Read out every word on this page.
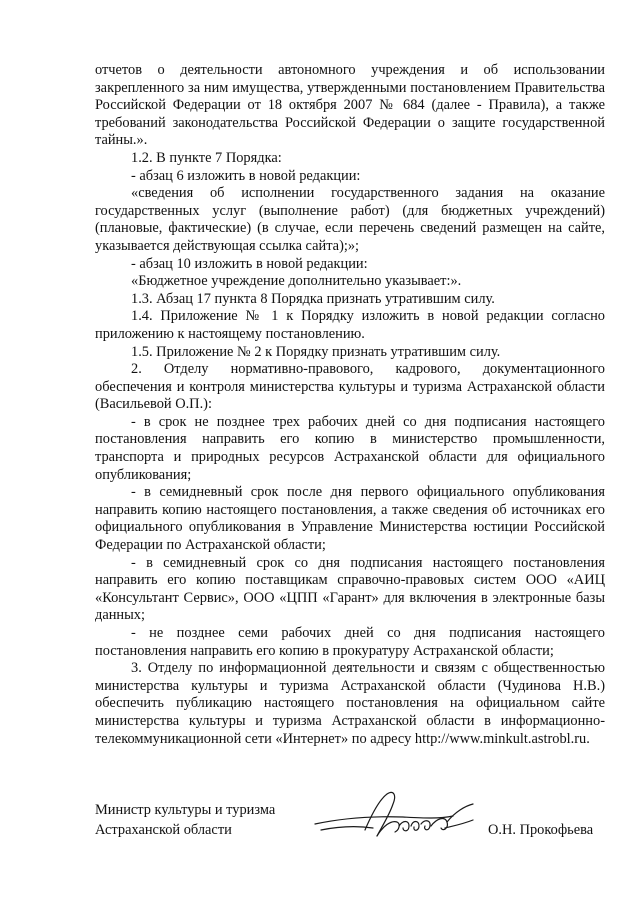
отчетов о деятельности автономного учреждения и об использовании закрепленного за ним имущества, утвержденными постановлением Правительства Российской Федерации от 18 октября 2007 № 684 (далее - Правила), а также требований законодательства Российской Федерации о защите государственной тайны.».

1.2. В пункте 7 Порядка:

- абзац 6 изложить в новой редакции:

«сведения об исполнении государственного задания на оказание государственных услуг (выполнение работ) (для бюджетных учреждений) (плановые, фактические) (в случае, если перечень сведений размещен на сайте, указывается действующая ссылка сайта);»;

- абзац 10 изложить в новой редакции:

«Бюджетное учреждение дополнительно указывает:».

1.3. Абзац 17 пункта 8 Порядка признать утратившим силу.

1.4. Приложение № 1 к Порядку изложить в новой редакции согласно приложению к настоящему постановлению.

1.5. Приложение № 2 к Порядку признать утратившим силу.

2. Отделу нормативно-правового, кадрового, документационного обеспечения и контроля министерства культуры и туризма Астраханской области (Васильевой О.П.):

- в срок не позднее трех рабочих дней со дня подписания настоящего постановления направить его копию в министерство промышленности, транспорта и природных ресурсов Астраханской области для официального опубликования;

- в семидневный срок после дня первого официального опубликования направить копию настоящего постановления, а также сведения об источниках его официального опубликования в Управление Министерства юстиции Российской Федерации по Астраханской области;

- в семидневный срок со дня подписания настоящего постановления направить его копию поставщикам справочно-правовых систем ООО «АИЦ «Консультант Сервис», ООО «ЦПП «Гарант» для включения в электронные базы данных;

- не позднее семи рабочих дней со дня подписания настоящего постановления направить его копию в прокуратуру Астраханской области;

3. Отделу по информационной деятельности и связям с общественностью министерства культуры и туризма Астраханской области (Чудинова Н.В.) обеспечить публикацию настоящего постановления на официальном сайте министерства культуры и туризма Астраханской области в информационно-телекоммуникационной сети «Интернет» по адресу http://www.minkult.astrobl.ru.

Министр культуры и туризма

Астраханской области	О.Н. Прокофьева
